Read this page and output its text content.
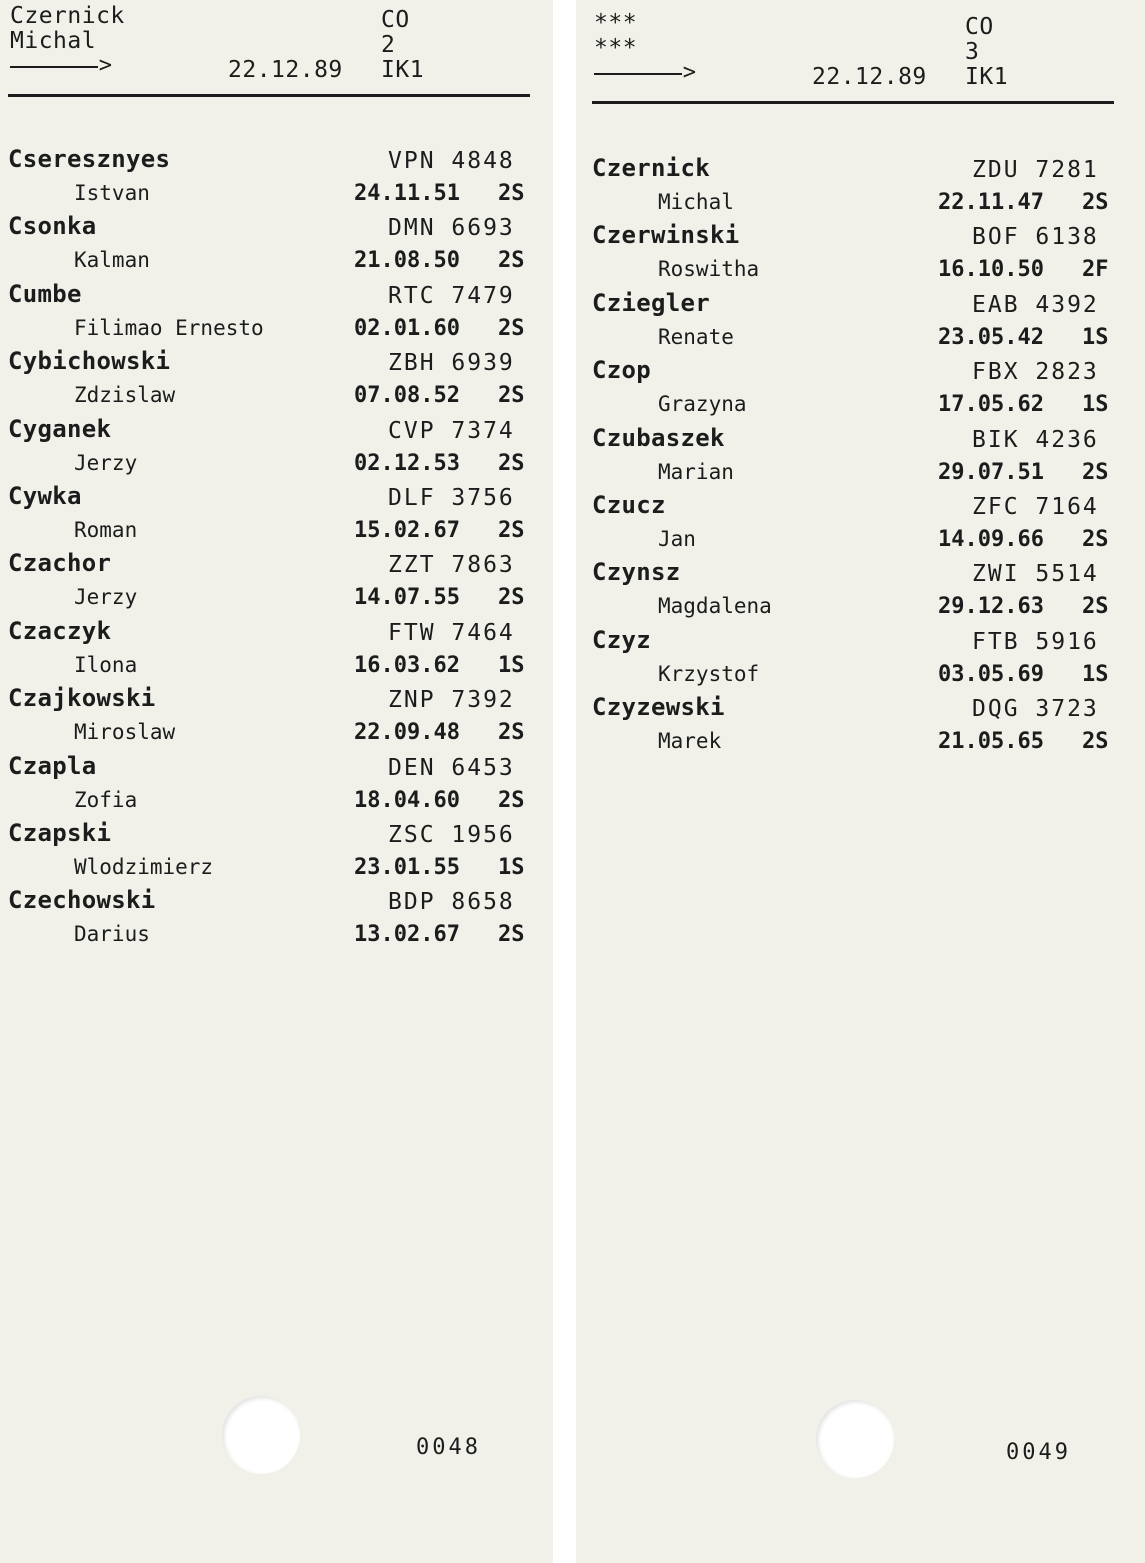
Czernick
Michal
>	22.12.89
CO
2
IK1
Cseresznyes	VPN 4848
Istvan	24.11.51 2S
Csonka	DMN 6693
Kalman	21.08.50 2S
Cumbe	RTC 7479
Filimao Ernesto	02.01.60 2S
Cybichowski	ZBH 6939
Zdzislaw	07.08.52 2S
Cyganek	CVP 7374
Jerzy	02.12.53 2S
Cywka	DLF 3756
Roman	15.02.67 2S
Czachor	ZZT 7863
Jerzy	14.07.55 2S
Czaczyk	FTW 7464
Ilona	16.03.62 1S
Czajkowski	ZNP 7392
Miroslaw	22.09.48 2S
Czapla	DEN 6453
Zofia	18.04.60 2S
Czapski	ZSC 1956
Wlodzimierz	23.01.55 1S
Czechowski	BDP 8658
Darius	13.02.67 2S
0048
***
***
>	22.12.89
CO
3
IK1
Czernick	ZDU 7281
Michal	22.11.47 2S
Czerwinski	BOF 6138
Roswitha	16.10.50 2F
Cziegler	EAB 4392
Renate	23.05.42 1S
Czop	FBX 2823
Grazyna	17.05.62 1S
Czubaszek	BIK 4236
Marian	29.07.51 2S
Czucz	ZFC 7164
Jan	14.09.66 2S
Czynsz	ZWI 5514
Magdalena	29.12.63 2S
Czyz	FTB 5916
Krzystof	03.05.69 1S
Czyzewski	DQG 3723
Marek	21.05.65 2S
0049
